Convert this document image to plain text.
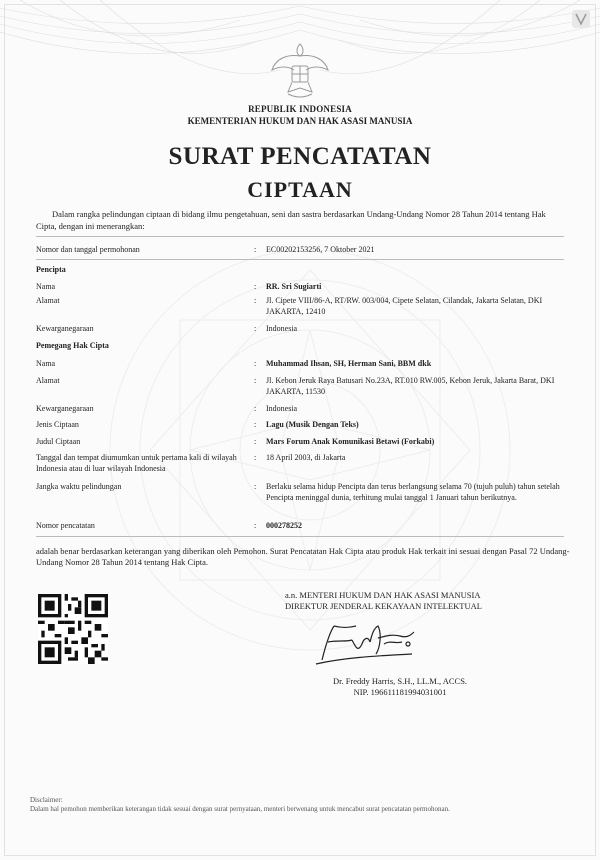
REPUBLIK INDONESIA
KEMENTERIAN HUKUM DAN HAK ASASI MANUSIA
SURAT PENCATATAN
CIPTAAN
Dalam rangka pelindungan ciptaan di bidang ilmu pengetahuan, seni dan sastra berdasarkan Undang-Undang Nomor 28 Tahun 2014 tentang Hak Cipta, dengan ini menerangkan:
Nomor dan tanggal permohonan	: EC00202153256, 7 Oktober 2021
Pencipta
Nama	: RR. Sri Sugiarti
Alamat	: Jl. Cipete VIII/86-A, RT/RW. 003/004, Cipete Selatan, Cilandak, Jakarta Selatan, DKI JAKARTA, 12410
Kewarganegaraan	: Indonesia
Pemegang Hak Cipta
Nama	: Muhammad Ihsan, SH, Herman Sani, BBM dkk
Alamat	: Jl. Kebon Jeruk Raya Batusari No.23A, RT.010 RW.005, Kebon Jeruk, Jakarta Barat, DKI JAKARTA, 11530
Kewarganegaraan	: Indonesia
Jenis Ciptaan	: Lagu (Musik Dengan Teks)
Judul Ciptaan	: Mars Forum Anak Komunikasi Betawi (Forkabi)
Tanggal dan tempat diumumkan untuk pertama kali di wilayah Indonesia atau di luar wilayah Indonesia
: 18 April 2003, di Jakarta
Jangka waktu pelindungan	: Berlaku selama hidup Pencipta dan terus berlangsung selama 70 (tujuh puluh) tahun setelah Pencipta meninggal dunia, terhitung mulai tanggal 1 Januari tahun berikutnya.
Nomor pencatatan	: 000278252
adalah benar berdasarkan keterangan yang diberikan oleh Pemohon. Surat Pencatatan Hak Cipta atau produk Hak terkait ini sesuai dengan Pasal 72 Undang-Undang Nomor 28 Tahun 2014 tentang Hak Cipta.
a.n. MENTERI HUKUM DAN HAK ASASI MANUSIA
DIREKTUR JENDERAL KEKAYAAN INTELEKTUAL
Dr. Freddy Harris, S.H., LL.M., ACCS.
NIP. 196611181994031001
Disclaimer:
Dalam hal pemohon memberikan keterangan tidak sesuai dengan surat pernyataan, menteri berwenang untuk mencabut surat pencatatan permohonan.
